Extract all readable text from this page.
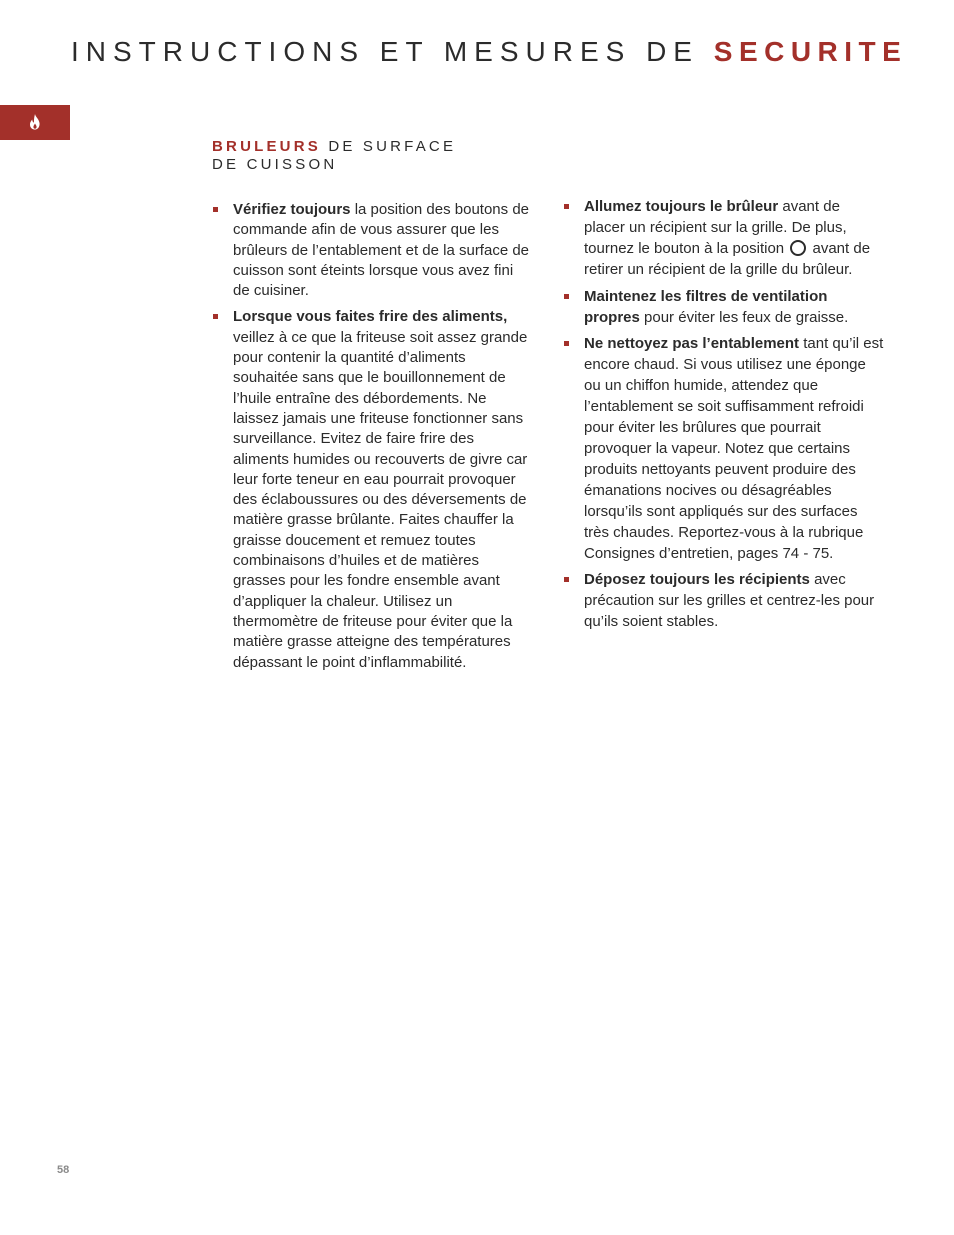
INSTRUCTIONS ET MESURES DE SECURITE
BRULEURS DE SURFACE
DE CUISSON
Vérifiez toujours la position des boutons de commande afin de vous assurer que les brûleurs de l’entablement et de la surface de cuisson sont éteints lorsque vous avez fini de cuisiner.
Lorsque vous faites frire des aliments, veillez à ce que la friteuse soit assez grande pour contenir la quantité d’aliments souhaitée sans que le bouillonnement de l’huile entraîne des débordements. Ne laissez jamais une friteuse fonctionner sans surveillance. Evitez de faire frire des aliments humides ou recouverts de givre car leur forte teneur en eau pourrait provoquer des éclaboussures ou des déversements de matière grasse brûlante. Faites chauffer la graisse doucement et remuez toutes combinaisons d’huiles et de matières grasses pour les fondre ensemble avant d’appliquer la chaleur. Utilisez un thermomètre de friteuse pour éviter que la matière grasse atteigne des températures dépassant le point d’inflammabilité.
Allumez toujours le brûleur avant de placer un récipient sur la grille. De plus, tournez le bouton à la position avant de retirer un récipient de la grille du brûleur.
Maintenez les filtres de ventilation propres pour éviter les feux de graisse.
Ne nettoyez pas l’entablement tant qu’il est encore chaud. Si vous utilisez une éponge ou un chiffon humide, attendez que l’entablement se soit suffisamment refroidi pour éviter les brûlures que pourrait provoquer la vapeur. Notez que certains produits nettoyants peuvent produire des émanations nocives ou désagréables lorsqu’ils sont appliqués sur des surfaces très chaudes. Reportez-vous à la rubrique Consignes d’entretien, pages 74 - 75.
Déposez toujours les récipients avec précaution sur les grilles et centrez-les pour qu’ils soient stables.
58
